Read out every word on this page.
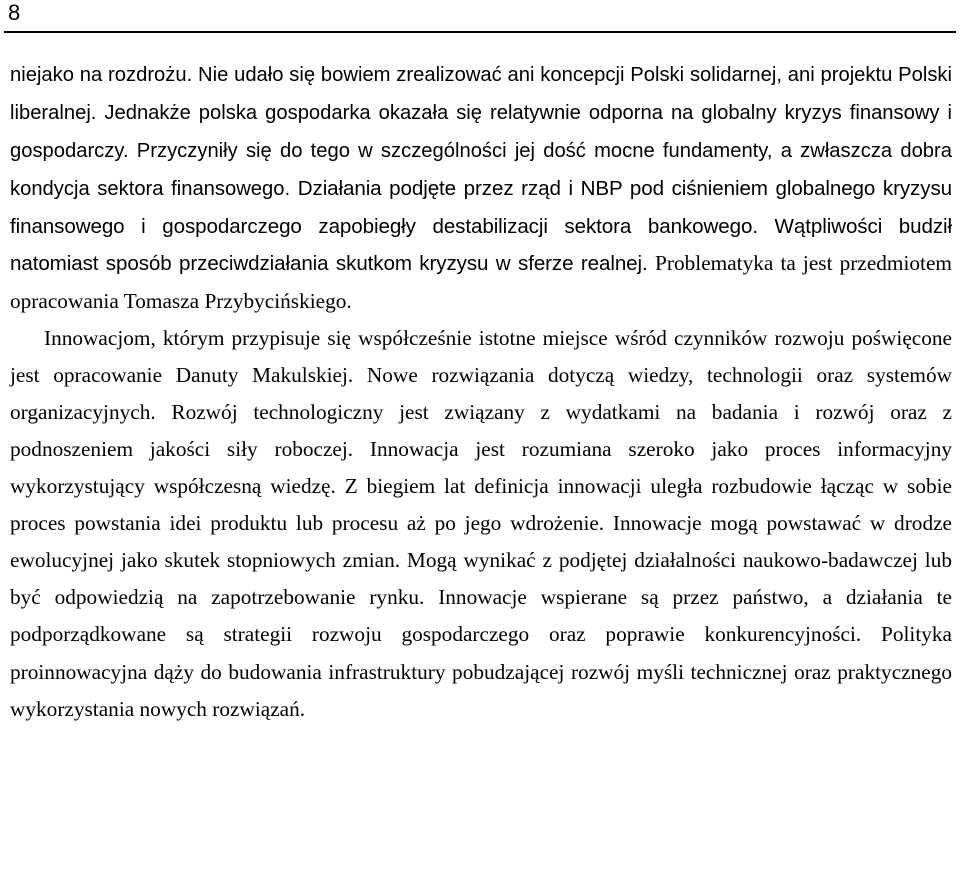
8

niejako na rozdrożu. Nie udało się bowiem zrealizować ani koncepcji Polski solidarnej, ani projektu Polski liberalnej. Jednakże polska gospodarka okazała się relatywnie odporna na globalny kryzys finansowy i gospodarczy. Przyczyniły się do tego w szczególności jej dość mocne fundamenty, a zwłaszcza dobra kondycja sektora finansowego. Działania podjęte przez rząd i NBP pod ciśnieniem globalnego kryzysu finansowego i gospodarczego zapobiegły destabilizacji sektora bankowego. Wątpliwości budził natomiast sposób przeciwdziałania skutkom kryzysu w sferze realnej. Problematyka ta jest przedmiotem opracowania Tomasza Przybycińskiego.

Innowacjom, którym przypisuje się współcześnie istotne miejsce wśród czynników rozwoju poświęcone jest opracowanie Danuty Makulskiej. Nowe rozwiązania dotyczą wiedzy, technologii oraz systemów organizacyjnych. Rozwój technologiczny jest związany z wydatkami na badania i rozwój oraz z podnoszeniem jakości siły roboczej. Innowacja jest rozumiana szeroko jako proces informacyjny wykorzystujący współczesną wiedzę. Z biegiem lat definicja innowacji uległa rozbudowie łącząc w sobie proces powstania idei produktu lub procesu aż po jego wdrożenie. Innowacje mogą powstawać w drodze ewolucyjnej jako skutek stopniowych zmian. Mogą wynikać z podjętej działalności naukowo-badawczej lub być odpowiedzią na zapotrzebowanie rynku. Innowacje wspierane są przez państwo, a działania te podporządkowane są strategii rozwoju gospodarczego oraz poprawie konkurencyjności. Polityka proinnowacyjna dąży do budowania infrastruktury pobudzającej rozwój myśli technicznej oraz praktycznego wykorzystania nowych rozwiązań.
